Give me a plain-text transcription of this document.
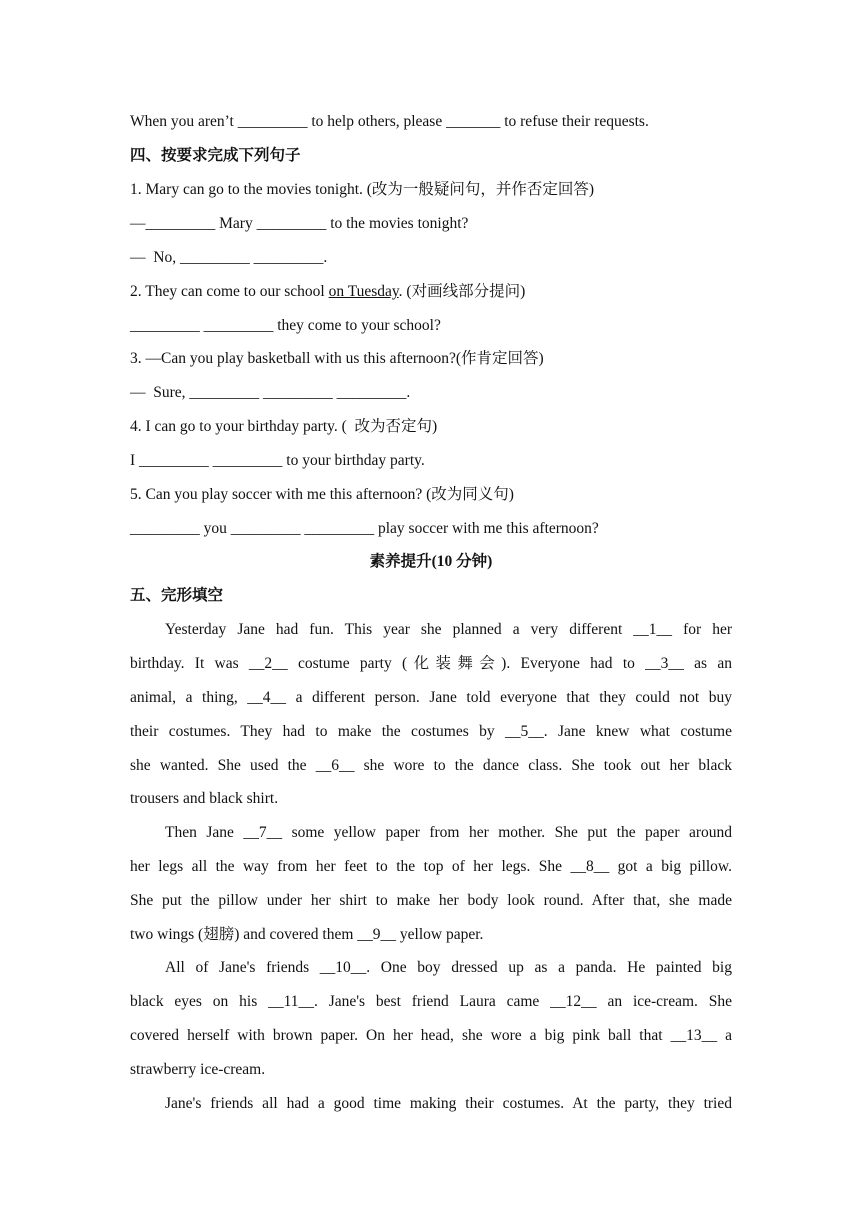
When you aren’t _________ to help others, please _______ to refuse their requests.

四、按要求完成下列句子

1. Mary can go to the movies tonight. (改为一般疑问句，并作否定回答)

—_________ Mary _________ to the movies tonight?

—  No, _________ _________.

2. They can come to our school on Tuesday. (对画线部分提问)

_________ _________ they come to your school?

3. —Can you play basketball with us this afternoon?(作肯定回答)

—  Sure, _________ _________ _________.

4. I can go to your birthday party. (  改为否定句)

I _________ _________ to your birthday party.

5. Can you play soccer with me this afternoon? (改为同义句)

_________ you _________ _________ play soccer with me this afternoon?

素养提升(10 分钟)

五、完形填空

Yesterday Jane had fun. This year she planned a very different __1__ for her

birthday. It was __2__ costume party (化装舞会). Everyone had to __3__ as an

animal, a thing, __4__ a different person. Jane told everyone that they could not buy

their costumes. They had to make the costumes by __5__. Jane knew what costume

she wanted. She used the __6__ she wore to the dance class. She took out her black

trousers and black shirt.

Then Jane __7__ some yellow paper from her mother. She put the paper around

her legs all the way from her feet to the top of her legs. She __8__ got a big pillow.

She put the pillow under her shirt to make her body look round. After that, she made

two wings (翅膀) and covered them __9__ yellow paper.

All of Jane's friends __10__. One boy dressed up as a panda. He painted big

black eyes on his __11__. Jane's best friend Laura came __12__ an ice-cream. She

covered herself with brown paper. On her head, she wore a big pink ball that __13__ a

strawberry ice-cream.

Jane's friends all had a good time making their costumes. At the party, they tried
